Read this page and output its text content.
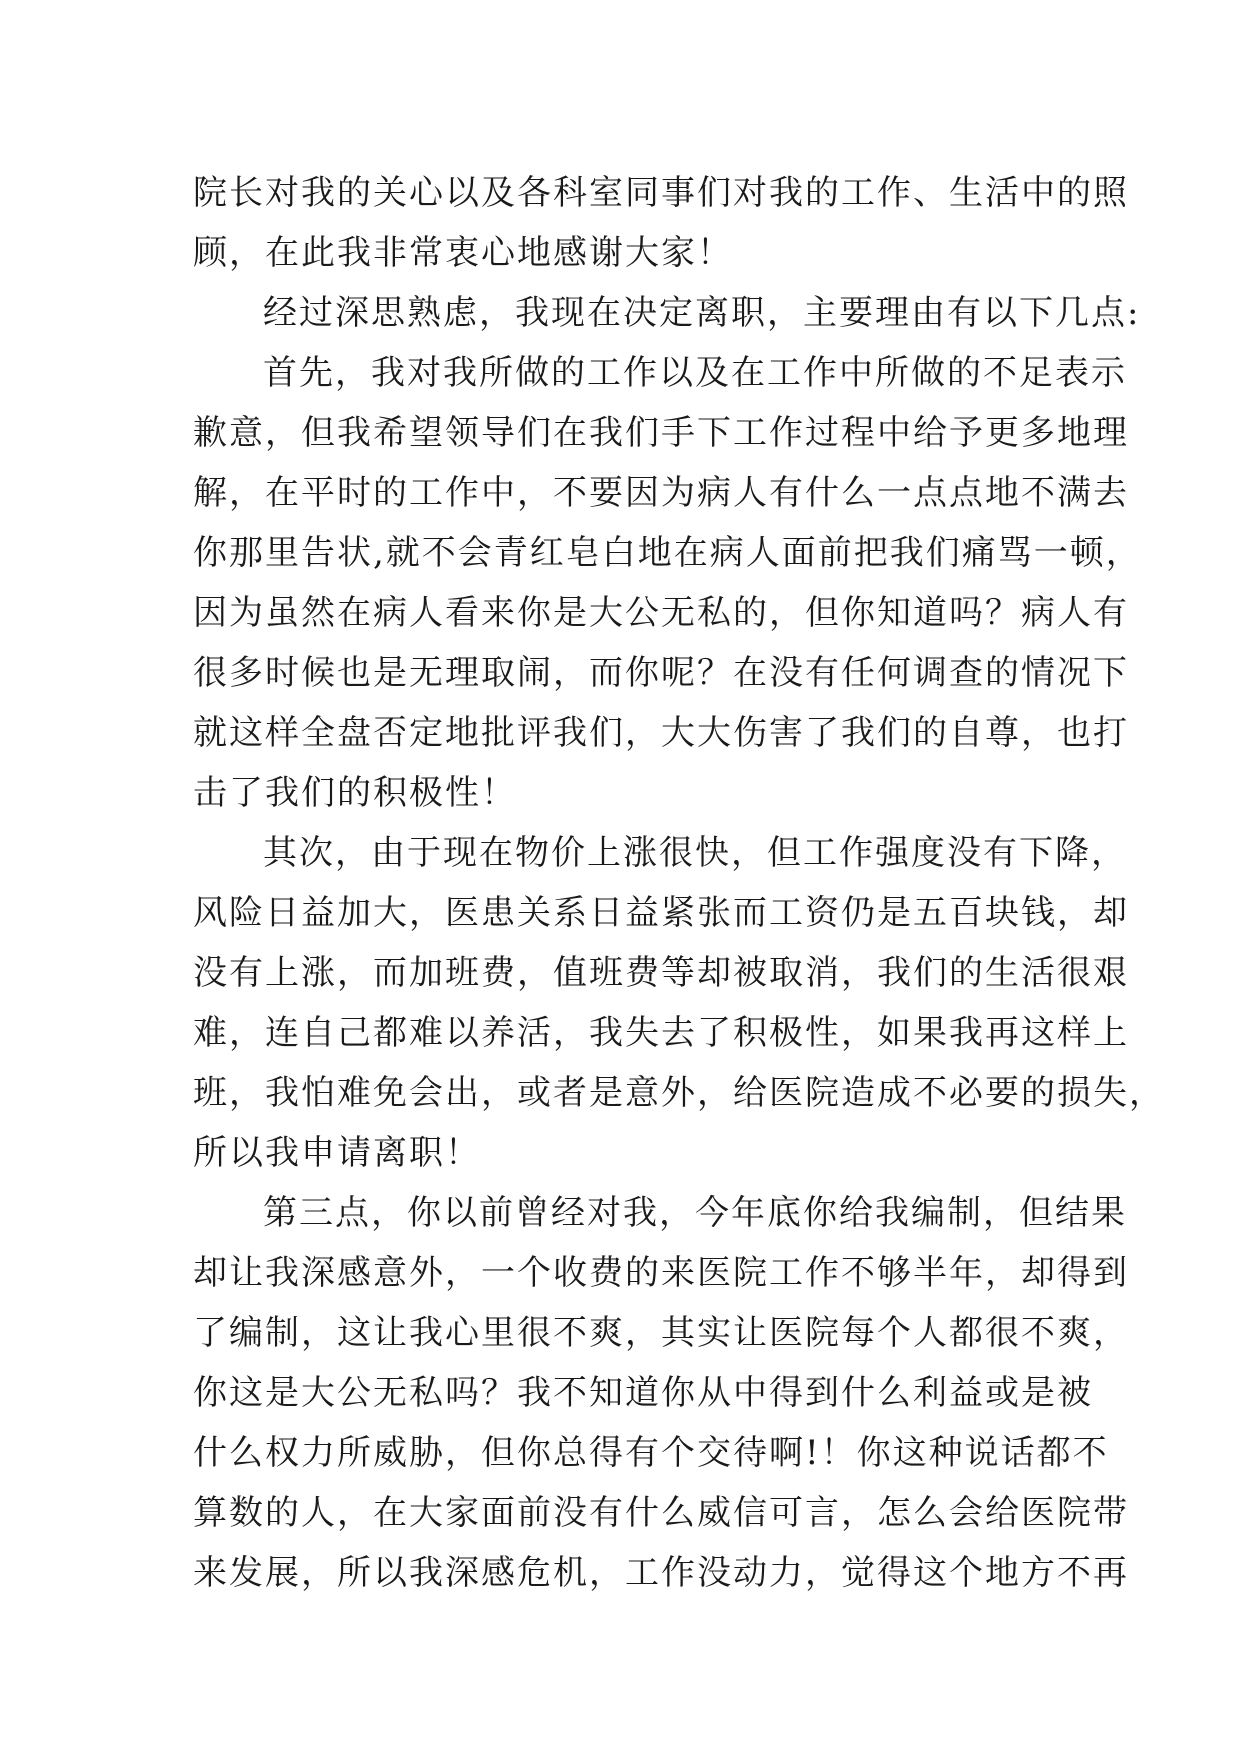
院长对我的关心以及各科室同事们对我的工作、生活中的照
顾，在此我非常衷心地感谢大家！
经过深思熟虑，我现在决定离职，主要理由有以下几点:
首先，我对我所做的工作以及在工作中所做的不足表示
歉意，但我希望领导们在我们手下工作过程中给予更多地理
解，在平时的工作中，不要因为病人有什么一点点地不满去
你那里告状,就不会青红皂白地在病人面前把我们痛骂一顿，
因为虽然在病人看来你是大公无私的，但你知道吗？病人有
很多时候也是无理取闹，而你呢？在没有任何调查的情况下
就这样全盘否定地批评我们，大大伤害了我们的自尊，也打
击了我们的积极性！
其次，由于现在物价上涨很快，但工作强度没有下降，
风险日益加大，医患关系日益紧张而工资仍是五百块钱，却
没有上涨，而加班费，值班费等却被取消，我们的生活很艰
难，连自己都难以养活，我失去了积极性，如果我再这样上
班，我怕难免会出，或者是意外，给医院造成不必要的损失，
所以我申请离职！
第三点，你以前曾经对我，今年底你给我编制，但结果
却让我深感意外，一个收费的来医院工作不够半年，却得到
了编制，这让我心里很不爽，其实让医院每个人都很不爽，
你这是大公无私吗？我不知道你从中得到什么利益或是被
什么权力所威胁，但你总得有个交待啊!！你这种说话都不
算数的人，在大家面前没有什么威信可言，怎么会给医院带
来发展，所以我深感危机，工作没动力，觉得这个地方不再
